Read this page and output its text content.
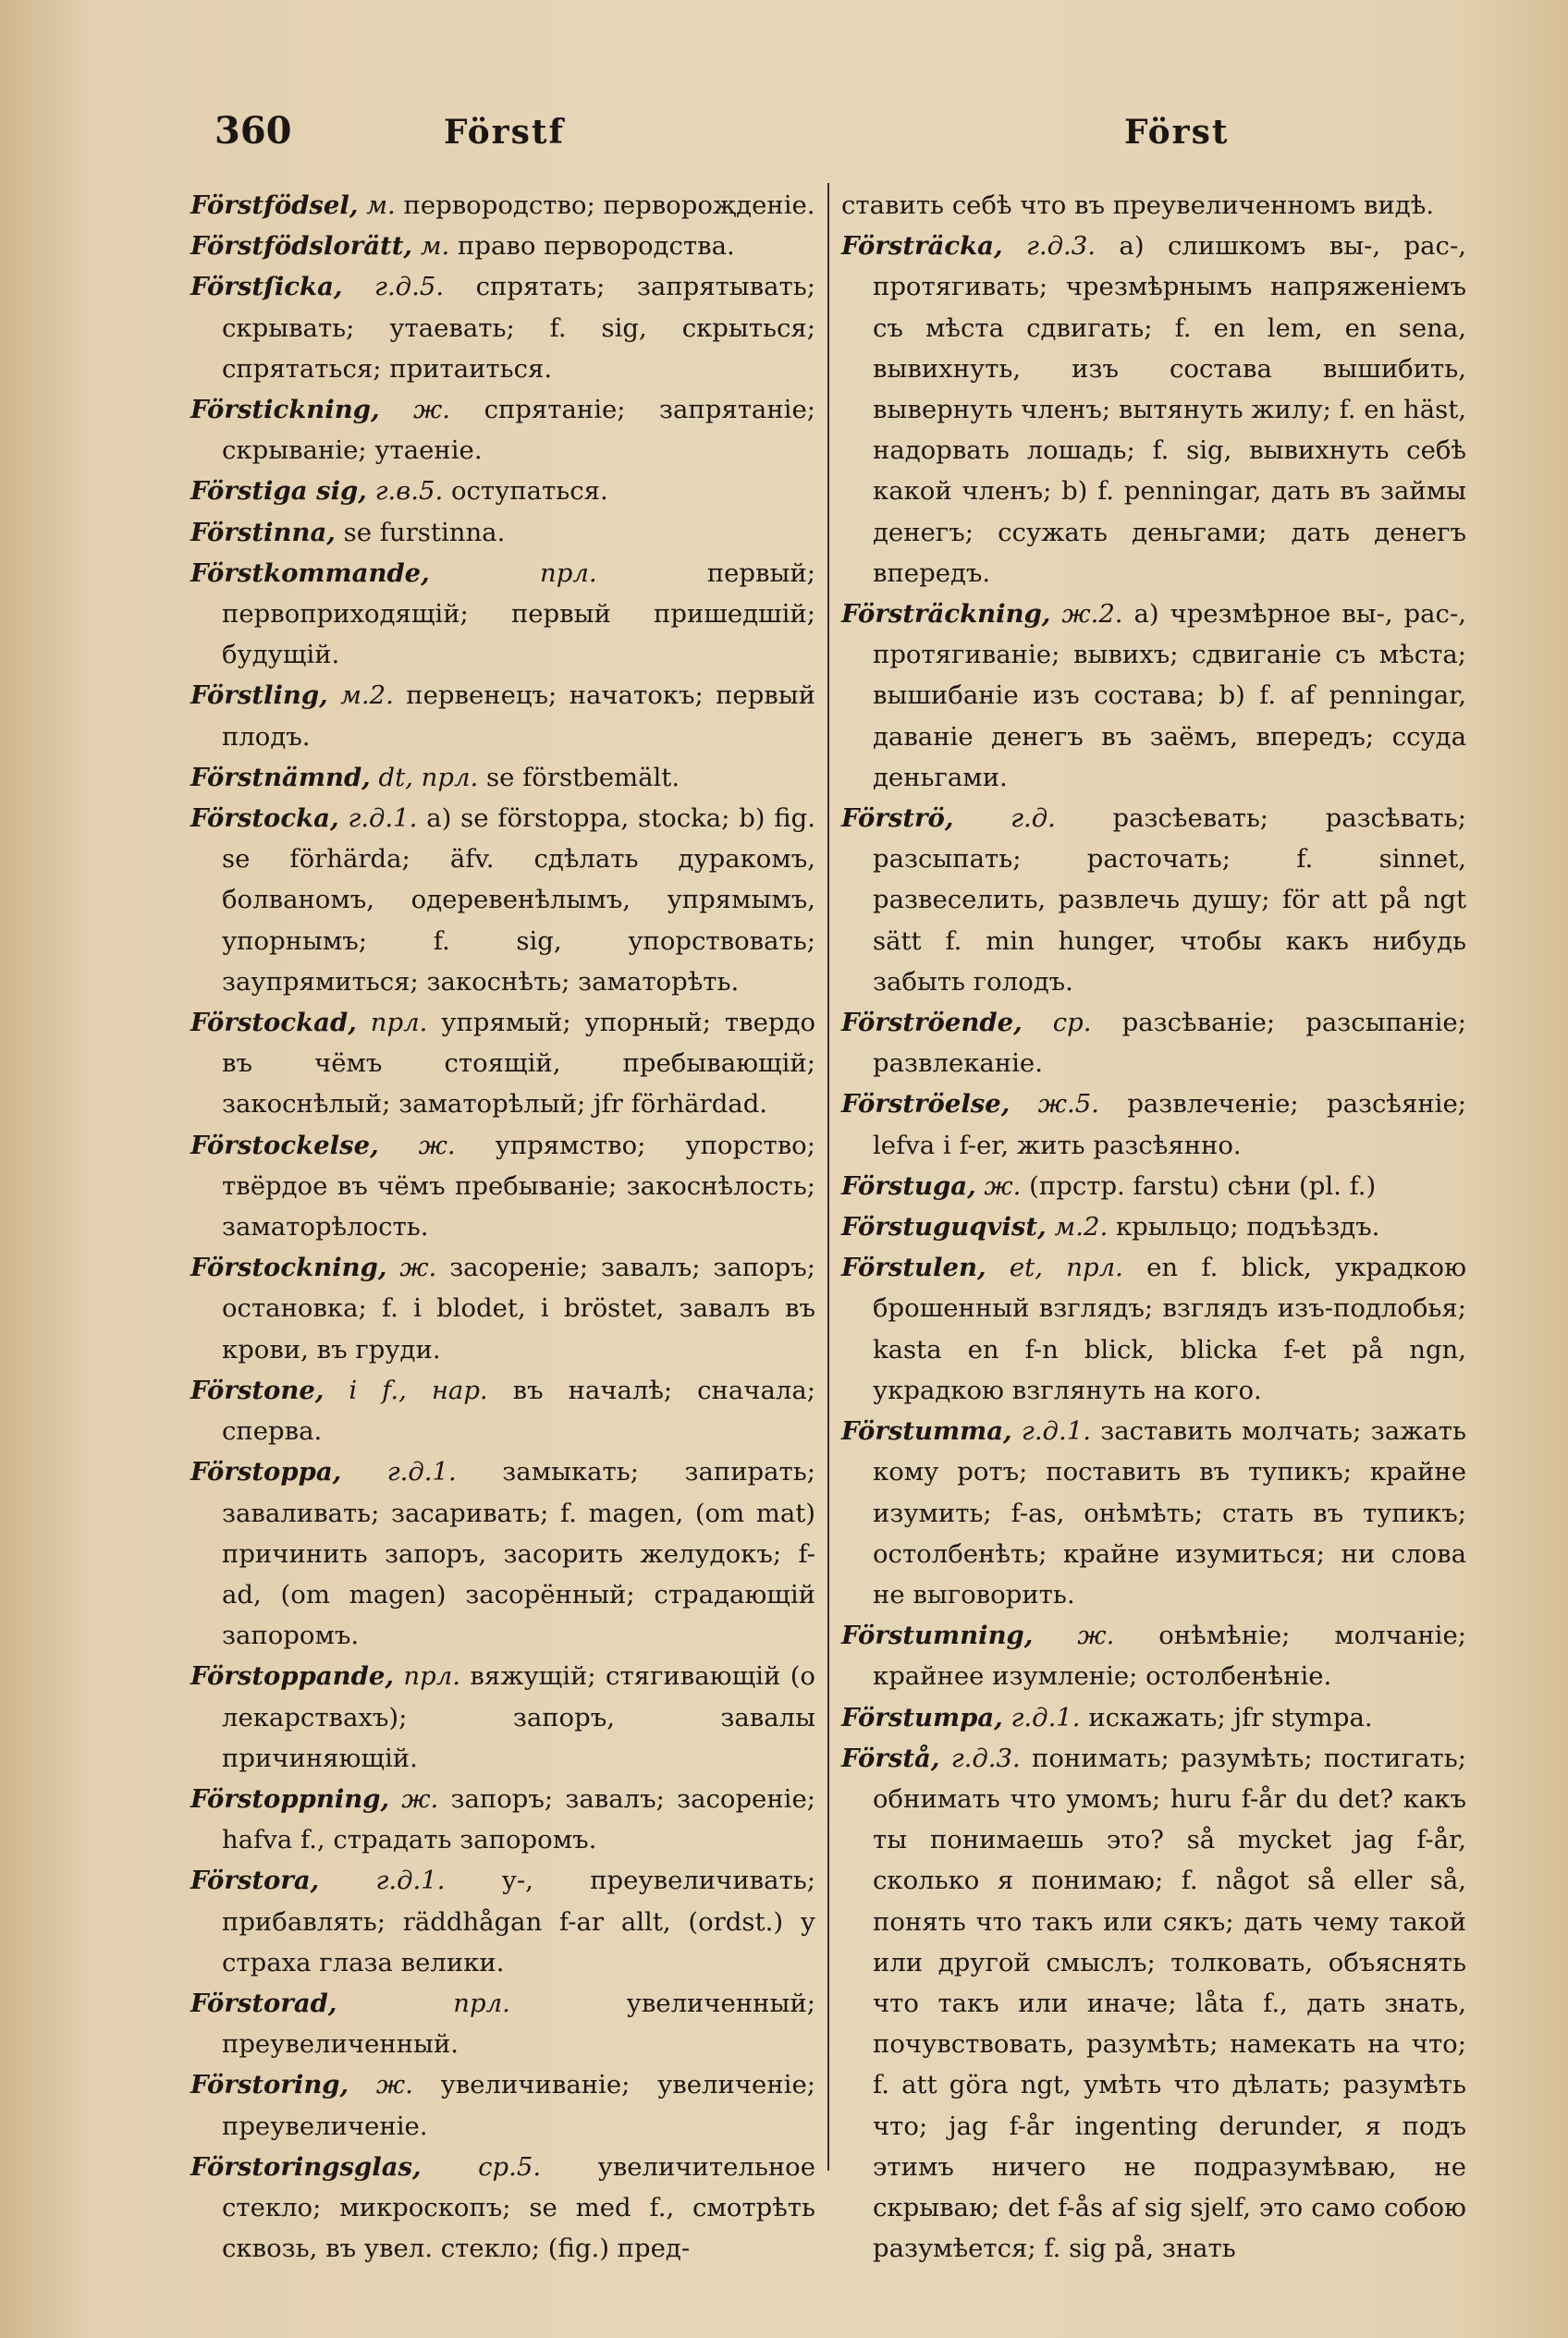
360	Förstf	Först

Förstfödsel, м. первородство; первороҗденіе.

Förstfödslorätt, м. право первородства.

Förstſicka, г.д.5. спрятать; запрятывать; скрывать; утаевать; f. sig, скрыться; спрятаться; притаиться.

Förstickning, ж. спрятаніе; запрятаніе; скрываніе; утаеніе.

Förstiga sig, г.в.5. оступаться.

Förstinna, se furstinna.

Förstkommande,	прл.	первый; первоприходящій; первый пришедшій; будущій.

Förstling, м.2. первенецъ; начатокъ; первый плодъ.

Förstnämnd, dt, прл. se förstbemält.

Förstocka, г.д.1. a) se förstoppa, stocka; b) fig. se förhärda; äfv. сдѣлать дуракомъ, болваномъ, одеревенѣлымъ, упрямымъ, упорнымъ; f. sig, упорствовать; заупрямиться; закоснѣть; заматорѣть.

Förstockad, прл. упрямый; упорный; твердо въ чёмъ стоящій, пребывающій; закоснѣлый; заматорѣлый; jfr förhärdad.

Förstockelse, ж. упрямство; упорство; твёрдое въ чёмъ пребываніе; закоснѣлость; заматорѣлость.

Förstockning, ж. засореніе; завалъ; запоръ; остановка; f. i blodet, i bröstet, завалъ въ крови, въ груди.

Förstone, i f., нар. въ началѣ; сначала; сперва.

Förstoppa, г.д.1. замыкать; запирать; заваливать; засаривать; f. magen, (om mat) причинить запоръ, засорить желудокъ; f-ad, (om magen) засорённый; страдающій запоромъ.

Förstoppande, прл. вяжущій; стягивающій (о лекарствахъ); запоръ, завалы причиняющій.

Förstoppning, ж. запоръ; завалъ; засореніе; hafva f., страдать запоромъ.

Förstora, г.д.1. у-, преувеличивать; прибавлять; räddhågan f-ar allt, (ordst.) у страха глаза велики.

Förstorad,	прл.	увеличенный; преувеличенный.

Förstoring, ж. увеличиваніе; увеличеніе; преувеличеніе.

Förstoringsglas, ср.5. увеличительное стекло; микроскопъ; se med f., смотрѣть сквозь, въ увел. стекло; (fig.) пред-

ставить себѣ что въ преувеличенномъ видѣ.

Försträcka, г.д.3. a) слишкомъ вы-, рас-, протягивать; чрезмѣрнымъ напряженіемъ съ мѣста сдвигать; f. en lem, en sena, вывихнуть, изъ состава вышибить, вывернуть членъ; вытянуть жилу; f. en häst, надорвать лошадь; f. sig, вывихнуть себѣ какой членъ; b) f. penningar, дать въ займы денегъ; ссужать деньгами; дать денегъ впередъ.

Försträckning, ж.2. a) чрезмѣрное вы-, рас-, протягиваніе; вывихъ; сдвиганіе съ мѣста; вышибаніе изъ состава; b) f. af penningar, даваніе денегъ въ заёмъ, впередъ; ссуда деньгами.

Förströ, г.д. разсѣевать; разсѣвать; разсыпать; расточать; f. sinnet, развеселить, развлечь душу; för att på ngt sätt f. min hunger, чтобы какъ нибудь забыть голодъ.

Förströende, ср. разсѣваніе; разсыпаніе; развлеканіе.

Förströelse, ж.5. развлеченіе; разсѣяніе; lefva i f-er, жить разсѣянно.

Förstuga, ж. (прстр. farstu) сѣни (pl. f.)

Förstuguqvist, м.2. крыльцо; подъѣздъ.

Förstulen, et, прл. en f. blick, украдкою брошенный взглядъ; взглядъ изъ-подлобья; kasta en f-n blick, blicka f-et på ngn, украдкою взглянуть на кого.

Förstumma, г.д.1. заставить молчать; зажать кому ротъ; поставить въ тупикъ; крайне изумить; f-as, онѣмѣть; стать въ тупикъ; остолбенѣть; крайне изумиться; ни слова не выговорить.

Förstumning, ж. онѣмѣніе; молчаніе; крайнее изумленіе; остолбенѣніе.

Förstumpa, г.д.1. искажать; jfr stympa.

Förstå, г.д.3. понимать; разумѣть; постигать; обнимать что умомъ; huru f-år du det? какъ ты понимаешь это? så mycket jag f-år, сколько я понимаю; f. något så eller så, понять что такъ или сякъ; дать чему такой или другой смыслъ; толковать, объяснять что такъ или иначе; låta f., дать знать, почувствовать, разумѣть; намекать на что; f. att göra ngt, умѣть что дѣлать; разумѣть что; jag f-år ingenting derunder, я подъ этимъ ничего не подразумѣваю, не скрываю; det f-ås af sig sjelf, это само собою разумѣется; f. sig på, знать
